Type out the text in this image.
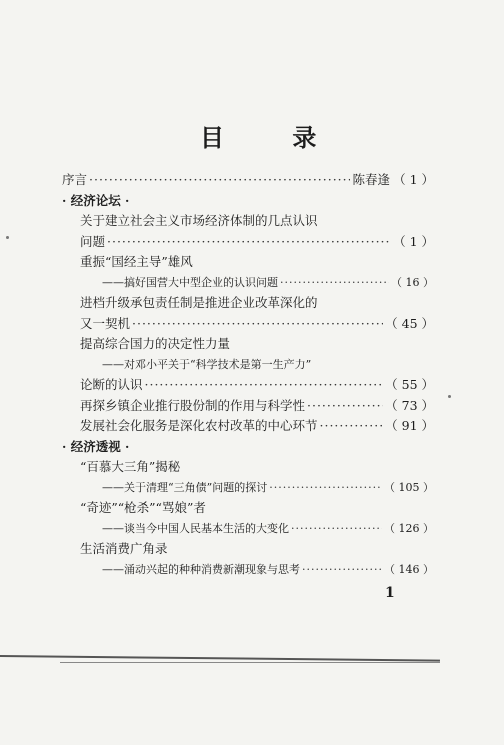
目 录
序言 ·····	陈春逢 （ 1 ）
· 经济论坛 ·
关于建立社会主义市场经济体制的几点认识
问题 ·····	（ 1 ）
重振“国经主导”雄风
——搞好国营大中型企业的认识问题 ·····	（ 16 ）
进档升级承包责任制是推进企业改革深化的
又一契机 ·····	（ 45 ）
提高综合国力的决定性力量
——对邓小平关于“科学技术是第一生产力”
论断的认识 ·····	（ 55 ）
再探乡镇企业推行股份制的作用与科学性 ·····	（ 73 ）
发展社会化服务是深化农村改革的中心环节 ·····	（ 91 ）
· 经济透视 ·
“百慕大三角”揭秘
——关于清理“三角债”问题的探讨 ·····	（ 105 ）
“奇迹”“枪杀”“骂娘”者
——谈当今中国人民基本生活的大变化 ·····	（ 126 ）
生活消费广角录
——涌动兴起的种种消费新潮现象与思考 ·····	（ 146 ）
1
